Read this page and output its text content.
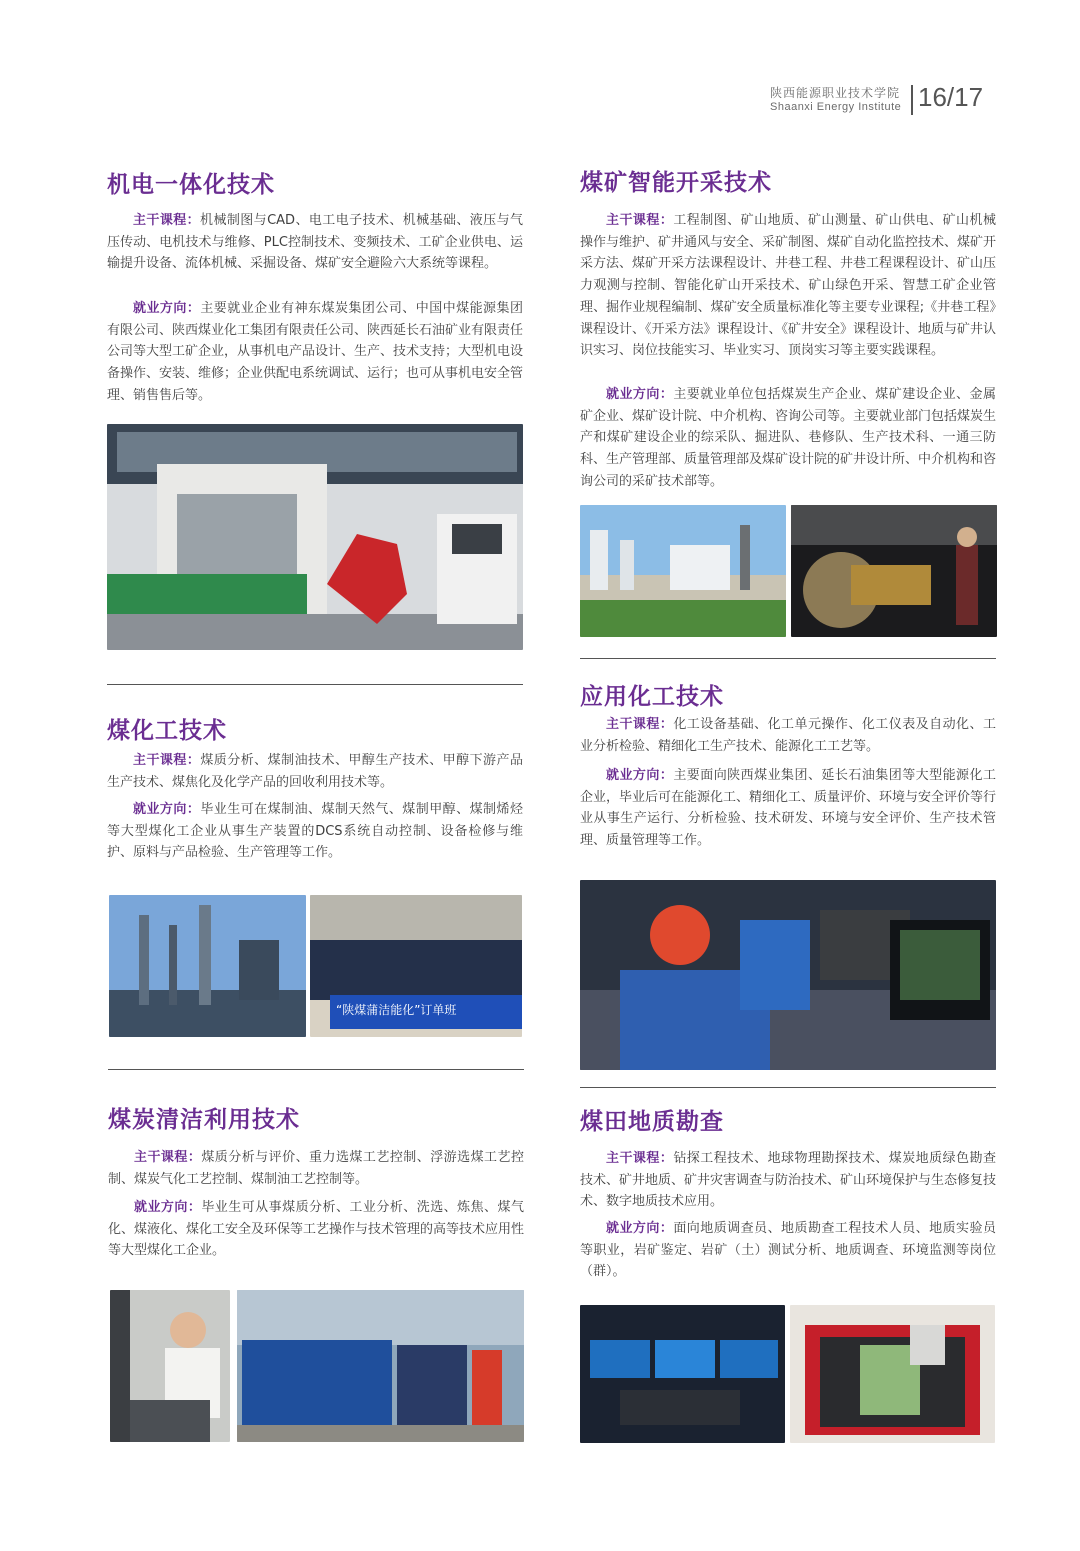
陕西能源职业技术学院
Shaanxi Energy Institute 16/17
机电一体化技术

主干课程：机械制图与CAD、电工电子技术、机械基础、液压与气压传动、电机技术与维修、PLC控制技术、变频技术、工矿企业供电、运输提升设备、流体机械、采掘设备、煤矿安全避险六大系统等课程。

就业方向：主要就业企业有神东煤炭集团公司、中国中煤能源集团有限公司、陕西煤业化工集团有限责任公司、陕西延长石油矿业有限责任公司等大型工矿企业，从事机电产品设计、生产、技术支持；大型机电设备操作、安装、维修；企业供配电系统调试、运行；也可从事机电安全管理、销售售后等。

煤矿智能开采技术

主干课程：工程制图、矿山地质、矿山测量、矿山供电、矿山机械操作与维护、矿井通风与安全、采矿制图、煤矿自动化监控技术、煤矿开采方法、煤矿开采方法课程设计、井巷工程、井巷工程课程设计、矿山压力观测与控制、智能化矿山开采技术、矿山绿色开采、智慧工矿企业管理、掘作业规程编制、煤矿安全质量标准化等主要专业课程;《井巷工程》课程设计、《开采方法》课程设计、《矿井安全》课程设计、地质与矿井认识实习、岗位技能实习、毕业实习、顶岗实习等主要实践课程。

就业方向：主要就业单位包括煤炭生产企业、煤矿建设企业、金属矿企业、煤矿设计院、中介机构、咨询公司等。主要就业部门包括煤炭生产和煤矿建设企业的综采队、掘进队、巷修队、生产技术科、一通三防科、生产管理部、质量管理部及煤矿设计院的矿井设计所、中介机构和咨询公司的采矿技术部等。

煤化工技术

主干课程：煤质分析、煤制油技术、甲醇生产技术、甲醇下游产品生产技术、煤焦化及化学产品的回收利用技术等。

就业方向：毕业生可在煤制油、煤制天然气、煤制甲醇、煤制烯烃等大型煤化工企业从事生产装置的DCS系统自动控制、设备检修与维护、原料与产品检验、生产管理等工作。

“陕煤蒲洁能化”订单班
应用化工技术

主干课程：化工设备基础、化工单元操作、化工仪表及自动化、工业分析检验、精细化工生产技术、能源化工工艺等。

就业方向：主要面向陕西煤业集团、延长石油集团等大型能源化工企业，毕业后可在能源化工、精细化工、质量评价、环境与安全评价等行业从事生产运行、分析检验、技术研发、环境与安全评价、生产技术管理、质量管理等工作。

煤炭清洁利用技术

主干课程：煤质分析与评价、重力选煤工艺控制、浮游选煤工艺控制、煤炭气化工艺控制、煤制油工艺控制等。

就业方向：毕业生可从事煤质分析、工业分析、洗选、炼焦、煤气化、煤液化、煤化工安全及环保等工艺操作与技术管理的高等技术应用性等大型煤化工企业。

煤田地质勘查

主干课程：钻探工程技术、地球物理勘探技术、煤炭地质绿色勘查技术、矿井地质、矿井灾害调查与防治技术、矿山环境保护与生态修复技术、数字地质技术应用。

就业方向：面向地质调查员、地质勘查工程技术人员、地质实验员等职业，岩矿鉴定、岩矿（土）测试分析、地质调查、环境监测等岗位（群）。
